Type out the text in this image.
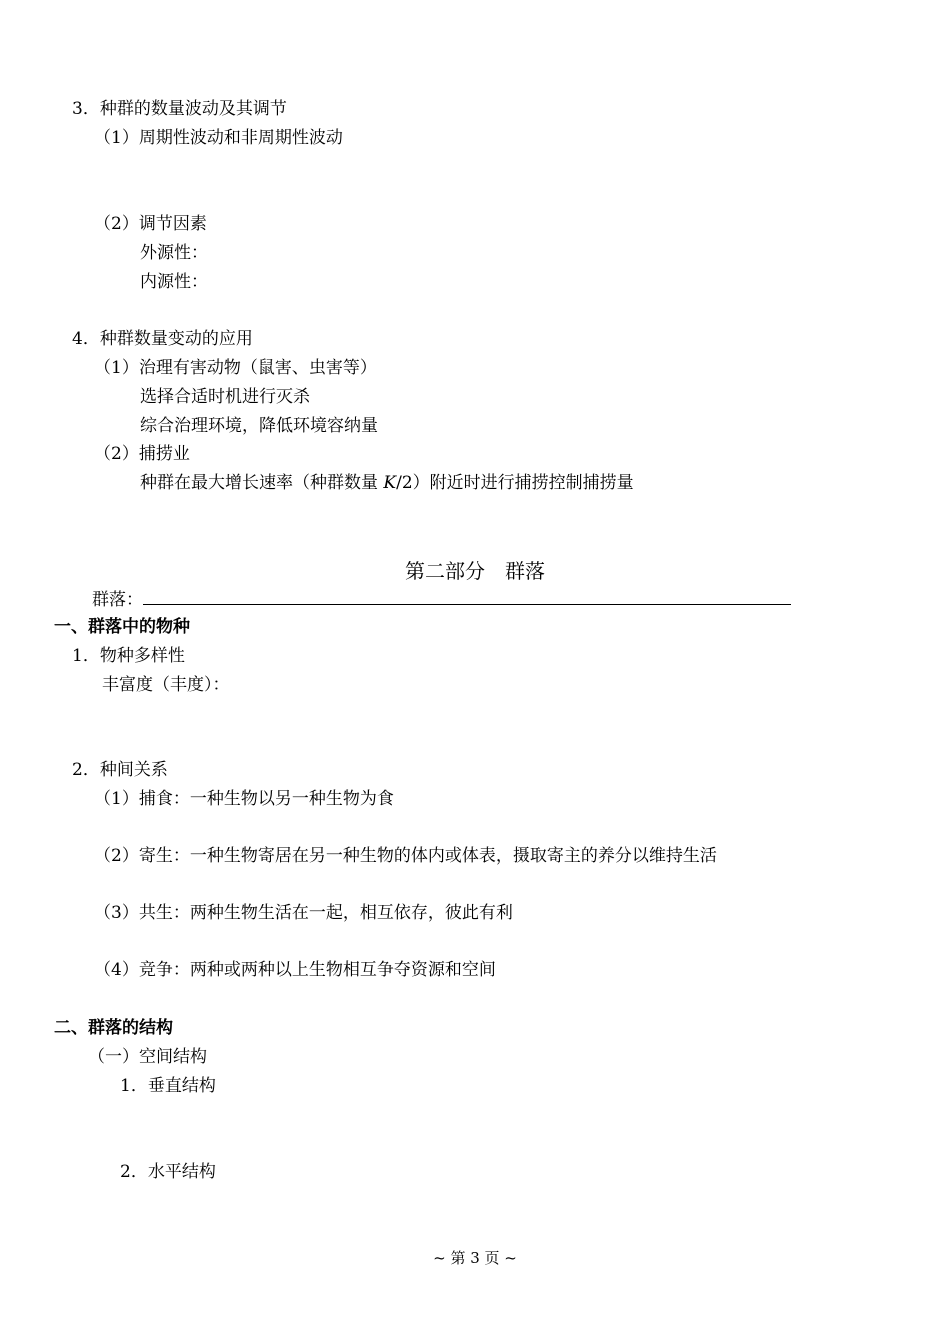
3．种群的数量波动及其调节
（1）周期性波动和非周期性波动
（2）调节因素
外源性：
内源性：
4．种群数量变动的应用
（1）治理有害动物（鼠害、虫害等）
选择合适时机进行灭杀
综合治理环境，降低环境容纳量
（2）捕捞业
种群在最大增长速率（种群数量 K/2）附近时进行捕捞控制捕捞量
第二部分　群落
群落：
一、群落中的物种
1．物种多样性
丰富度（丰度）：
2．种间关系
（1）捕食：一种生物以另一种生物为食
（2）寄生：一种生物寄居在另一种生物的体内或体表，摄取寄主的养分以维持生活
（3）共生：两种生物生活在一起，相互依存，彼此有利
（4）竞争：两种或两种以上生物相互争夺资源和空间
二、群落的结构
（一）空间结构
1．垂直结构
2．水平结构
~ 第 3 页 ~
